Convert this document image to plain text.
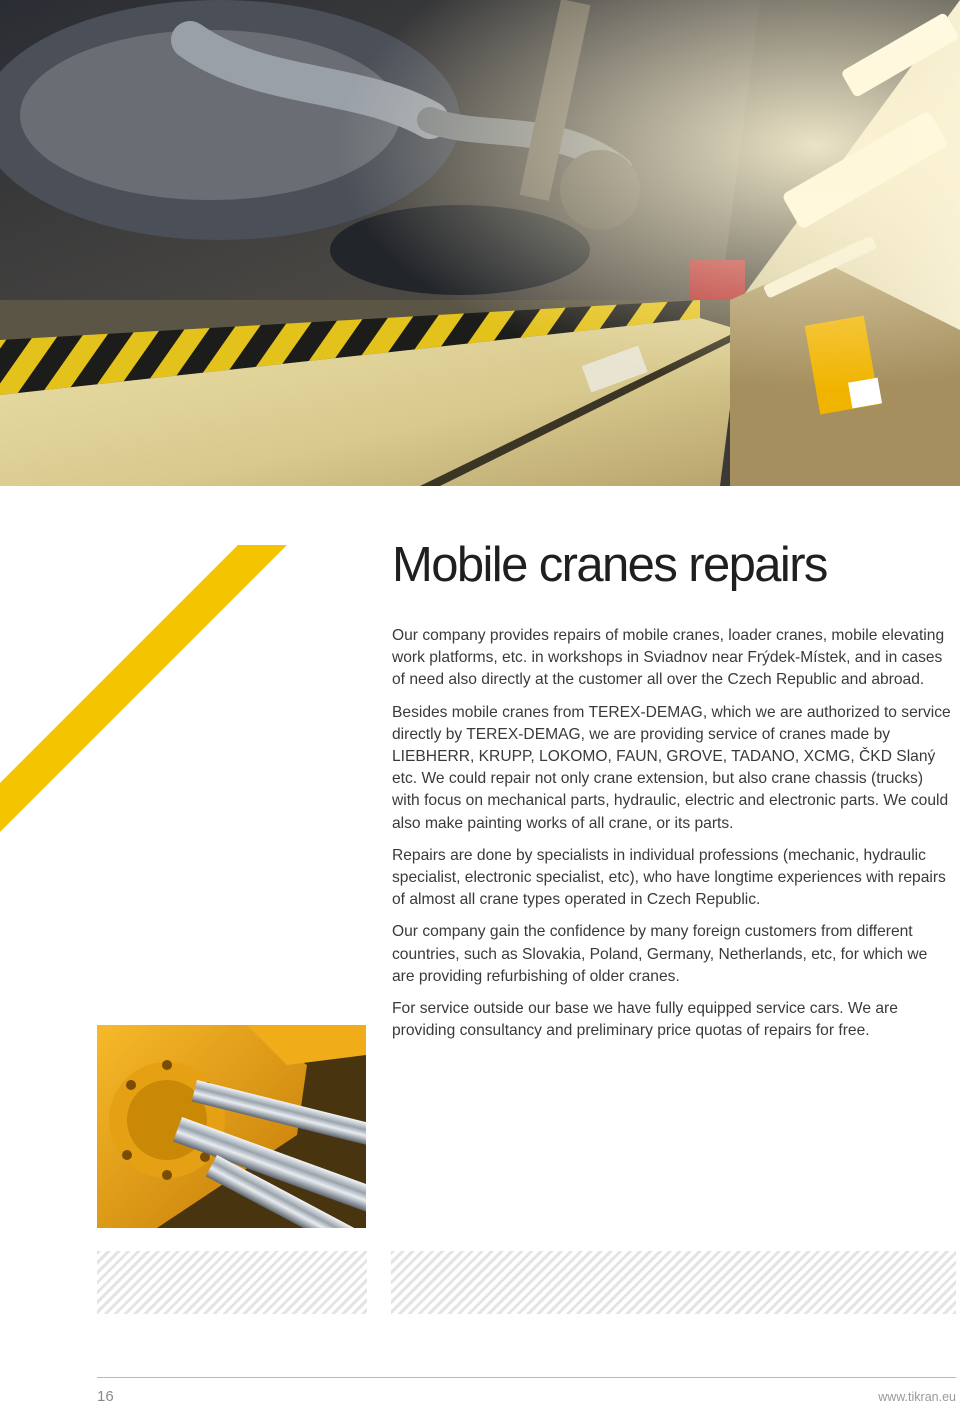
Mobile cranes repairs

Our company provides repairs of mobile cranes, loader cranes, mobile elevating work platforms, etc. in workshops in Sviadnov near Frýdek-Místek, and in cases of need also directly at the customer all over the Czech Republic and abroad.

Besides mobile cranes from TEREX-DEMAG, which we are authorized to service directly by TEREX-DEMAG, we are providing service of cranes made by LIEBHERR, KRUPP, LOKOMO, FAUN, GROVE, TADANO, XCMG, ČKD Slaný etc. We could repair not only crane extension, but also crane chassis (trucks) with focus on mechanical parts, hydraulic, electric and electronic parts. We could also make painting works of all crane, or its parts.

Repairs are done by specialists in individual professions (mechanic, hydraulic specialist, electronic specialist, etc), who have longtime experiences with repairs of almost all crane types operated in Czech Republic.

Our company gain the confidence by many foreign customers from different countries, such as Slovakia, Poland, Germany, Netherlands, etc, for which we are providing refurbishing of older cranes.

For service outside our base we have fully equipped service cars. We are providing consultancy and preliminary price quotas of repairs for free.

16	www.tikran.eu
